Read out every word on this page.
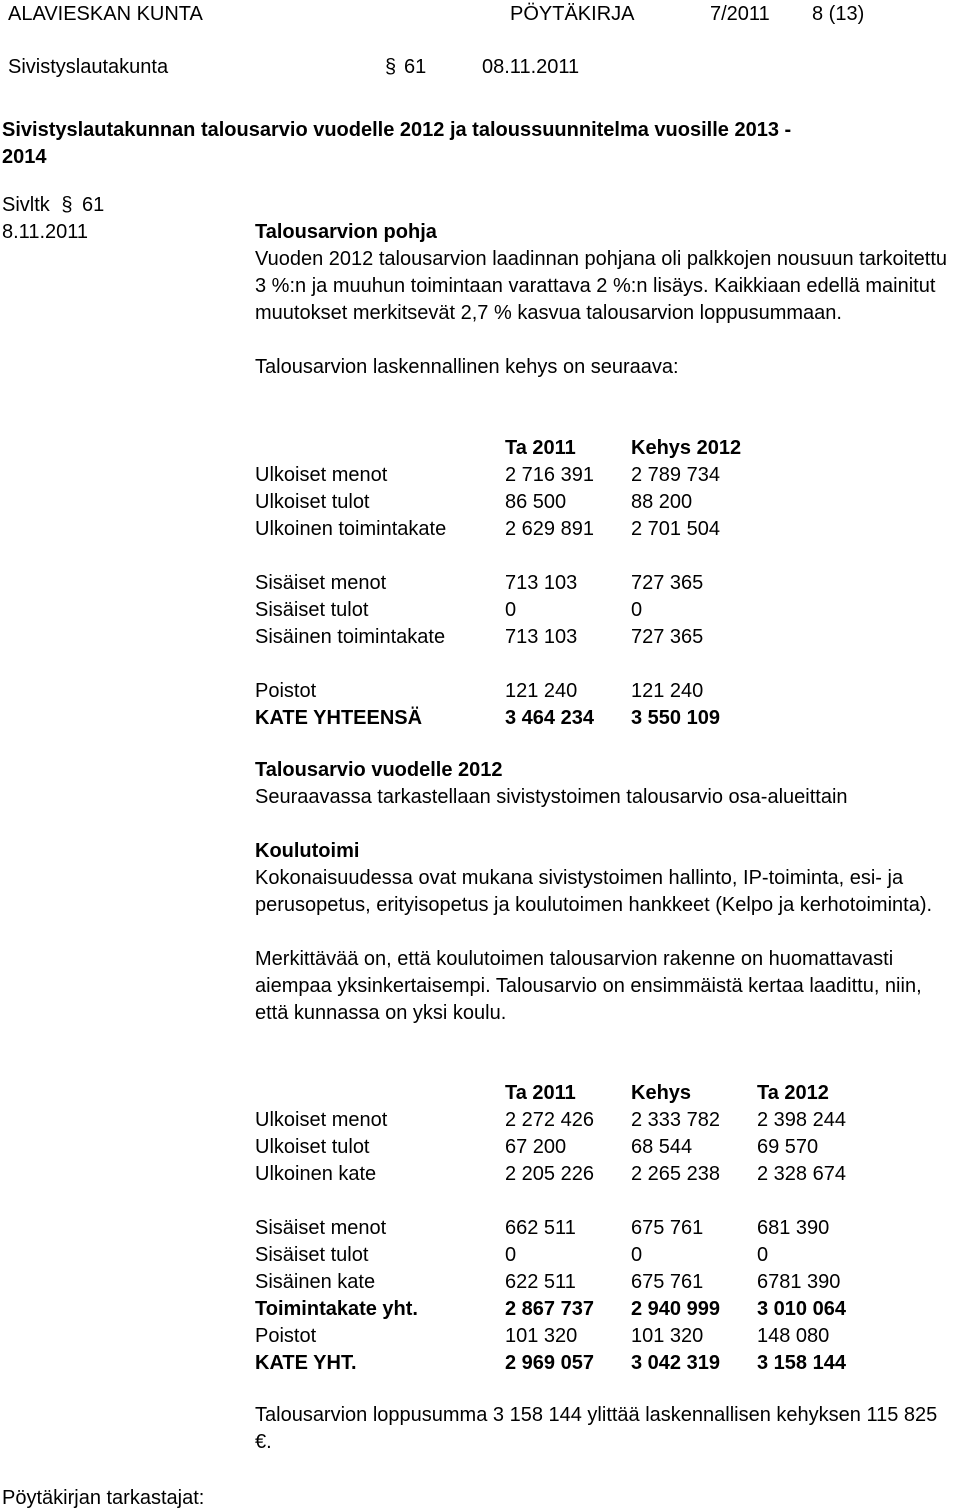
ALAVIESKAN KUNTA	PÖYTÄKIRJA	7/2011 8 (13)
Sivistyslautakunta	§ 61	08.11.2011
Sivistyslautakunnan talousarvio vuodelle 2012 ja taloussuunnitelma vuosille 2013 -
2014
Sivltk § 61
8.11.2011	Talousarvion pohja

Vuoden 2012 talousarvion laadinnan pohjana oli palkkojen nousuun tarkoitettu 3 %:n ja muuhun toimintaan varattava 2 %:n lisäys. Kaikkiaan edellä mainitut muutokset merkitsevät 2,7 % kasvua talousarvion loppusummaan.

Talousarvion laskennallinen kehys on seuraava:

	Ta 2011	Kehys 2012
Ulkoiset menot	2 716 391	2 789 734
Ulkoiset tulot	86 500	88 200
Ulkoinen toimintakate	2 629 891	2 701 504

Sisäiset menot	713 103	727 365
Sisäiset tulot	0	0
Sisäinen toimintakate	713 103	727 365

Poistot	121 240	121 240
KATE YHTEENSÄ	3 464 234	3 550 109

Talousarvio vuodelle 2012

Seuraavassa tarkastellaan sivistystoimen talousarvio osa-alueittain

Koulutoimi

Kokonaisuudessa ovat mukana sivistystoimen hallinto, IP-toiminta, esi- ja perusopetus, erityisopetus ja koulutoimen hankkeet (Kelpo ja kerhotoiminta).

Merkittävää on, että koulutoimen talousarvion rakenne on huomattavasti aiempaa yksinkertaisempi. Talousarvio on ensimmäistä kertaa laadittu, niin, että kunnassa on yksi koulu.

	Ta 2011	Kehys	Ta 2012
Ulkoiset menot	2 272 426	2 333 782	2 398 244
Ulkoiset tulot	67 200	68 544	69 570
Ulkoinen kate	2 205 226	2 265 238	2 328 674

Sisäiset menot	662 511	675 761	681 390
Sisäiset tulot	0	0	0
Sisäinen kate	622 511	675 761	6781 390
Toimintakate yht.	2 867 737	2 940 999	3 010 064
Poistot	101 320	101 320	148 080
KATE YHT.	2 969 057	3 042 319	3 158 144

Talousarvion loppusumma 3 158 144 ylittää laskennallisen kehyksen 115 825 €.

Pöytäkirjan tarkastajat:
